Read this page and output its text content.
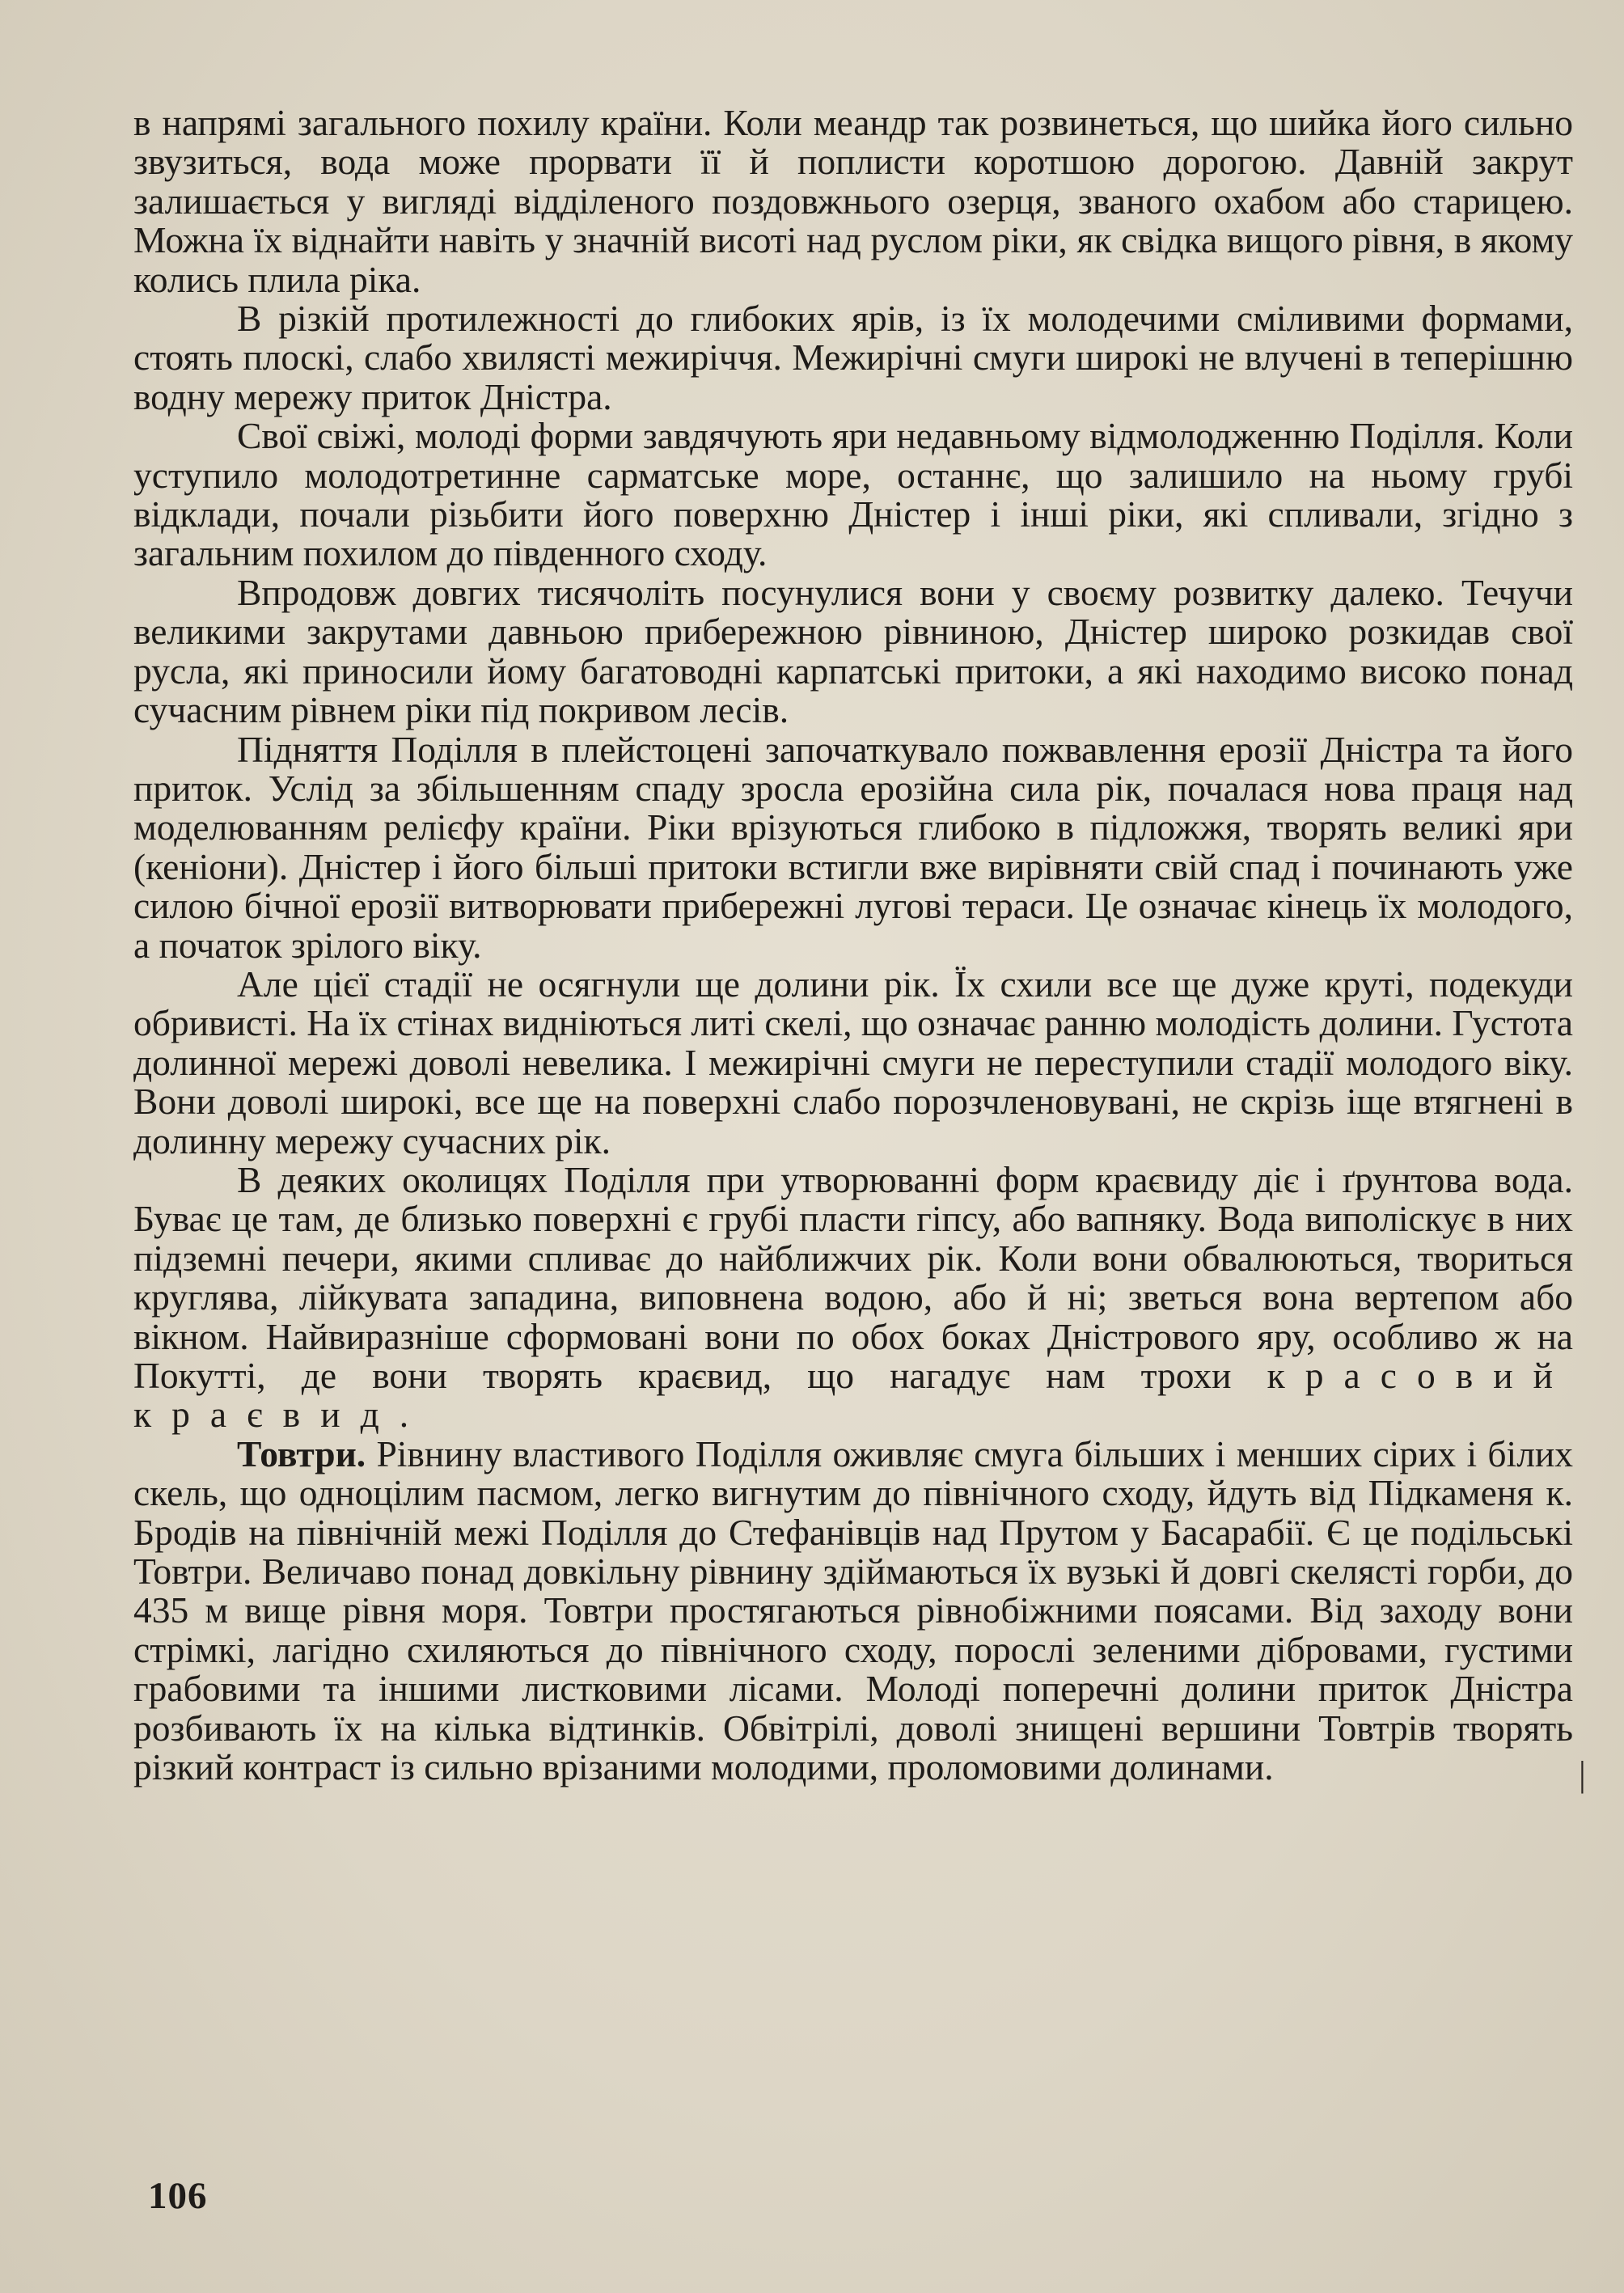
в напрямі загального похилу країни. Коли меандр так розвинеться, що шийка його сильно звузиться, вода може прорвати її й поплисти коротшою дорогою. Давній закрут залишається у вигляді відділеного поздовжнього озерця, званого охабом або старицею. Можна їх віднайти навіть у значній висоті над руслом ріки, як свідка вищого рівня, в якому колись плила ріка.

В різкій протилежності до глибоких ярів, із їх молодечими сміливими формами, стоять плоскі, слабо хвилясті межиріччя. Межирічні смуги широкі не влучені в теперішню водну мережу приток Дністра.

Свої свіжі, молоді форми завдячують яри недавньому відмолодженню Поділля. Коли уступило молодотретинне сарматське море, останнє, що залишило на ньому грубі відклади, почали різьбити його поверхню Дністер і інші ріки, які спливали, згідно з загальним похилом до південного сходу.

Впродовж довгих тисячоліть посунулися вони у своєму розвитку далеко. Течучи великими закрутами давньою прибережною рівниною, Дністер широко розкидав свої русла, які приносили йому багатоводні карпатські притоки, а які находимо високо понад сучасним рівнем ріки під покривом лесів.

Підняття Поділля в плейстоцені започаткувало пожвавлення ерозії Дністра та його приток. Услід за збільшенням спаду зросла ерозійна сила рік, почалася нова праця над моделюванням релієфу країни. Ріки врізуються глибоко в підложжя, творять великі яри (кеніони). Дністер і його більші притоки встигли вже вирівняти свій спад і починають уже силою бічної ерозії витворювати прибережні лугові тераси. Це означає кінець їх молодого, а початок зрілого віку.

Але цієї стадії не осягнули ще долини рік. Їх схили все ще дуже круті, подекуди обривисті. На їх стінах видніються литі скелі, що означає ранню молодість долини. Густота долинної мережі доволі невелика. І межирічні смуги не переступили стадії молодого віку. Вони доволі широкі, все ще на поверхні слабо порозчленовувані, не скрізь іще втягнені в долинну мережу сучасних рік.

В деяких околицях Поділля при утворюванні форм краєвиду діє і ґрунтова вода. Буває це там, де близько поверхні є грубі пласти гіпсу, або вапняку. Вода виполіскує в них підземні печери, якими спливає до найближчих рік. Коли вони обвалюються, твориться круглява, лійкувата западина, виповнена водою, або й ні; зветься вона вертепом або вікном. Найвиразніше сформовані вони по обох боках Дністрового яру, особливо ж на Покутті, де вони творять краєвид, що нагадує нам трохи красовий краєвид.

Товтри. Рівнину властивого Поділля оживляє смуга більших і менших сірих і білих скель, що одноцілим пасмом, легко вигнутим до північного сходу, йдуть від Підкаменя к. Бродів на північній межі Поділля до Стефанівців над Прутом у Басарабії. Є це подільські Товтри. Величаво понад довкільну рівнину здіймаються їх вузькі й довгі скелясті горби, до 435 м вище рівня моря. Товтри простягаються рівнобіжними поясами. Від заходу вони стрімкі, лагідно схиляються до північного сходу, порослі зеленими дібровами, густими грабовими та іншими листковими лісами. Молоді поперечні долини приток Дністра розбивають їх на кілька відтинків. Обвітрілі, доволі знищені вершини Товтрів творять різкий контраст із сильно врізаними молодими, проломовими долинами.	|
106
